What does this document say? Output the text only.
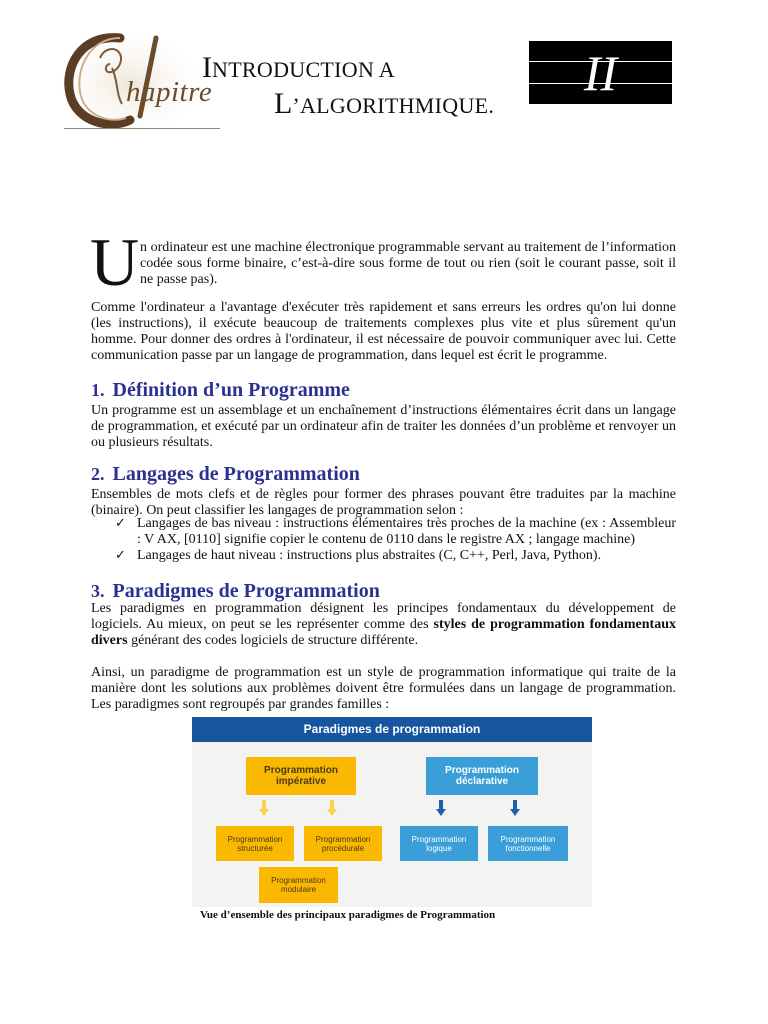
hapitre
INTRODUCTION A
L’ALGORITHMIQUE.
II
U n ordinateur est une machine électronique programmable servant au traitement de l’information codée sous forme binaire, c’est-à-dire sous forme de tout ou rien (soit le courant passe, soit il ne passe pas).

Comme l'ordinateur a l'avantage d'exécuter très rapidement et sans erreurs les ordres qu'on lui donne (les instructions), il exécute beaucoup de traitements complexes plus vite et plus sûrement qu'un homme. Pour donner des ordres à l'ordinateur, il est nécessaire de pouvoir communiquer avec lui. Cette communication passe par un langage de programmation, dans lequel est écrit le programme.

1. Définition d’un Programme

Un programme est un assemblage et un enchaînement d’instructions élémentaires écrit dans un langage de programmation, et exécuté par un ordinateur afin de traiter les données d’un problème et renvoyer un ou plusieurs résultats.

2. Langages de Programmation

Ensembles de mots clefs et de règles pour former des phrases pouvant être traduites par la machine (binaire). On peut classifier les langages de programmation selon :

✓ Langages de bas niveau : instructions élémentaires très proches de la machine (ex : Assembleur : V AX, [0110] signifie copier le contenu de 0110 dans le registre AX ; langage machine)
✓ Langages de haut niveau : instructions plus abstraites (C, C++, Perl, Java, Python).
3. Paradigmes de Programmation

Les paradigmes en programmation désignent les principes fondamentaux du développement de logiciels. Au mieux, on peut se les représenter comme des styles de programmation fondamentaux divers générant des codes logiciels de structure différente.

Ainsi, un paradigme de programmation est un style de programmation informatique qui traite de la manière dont les solutions aux problèmes doivent être formulées dans un langage de programmation. Les paradigmes sont regroupés par grandes familles :

Paradigmes de programmation
Programmation
impérative
Programmation
déclarative
Programmation
structurée
Programmation
procédurale
Programmation
logique
Programmation
fonctionnelle
Programmation
modulaire
Vue d’ensemble des principaux paradigmes de Programmation
